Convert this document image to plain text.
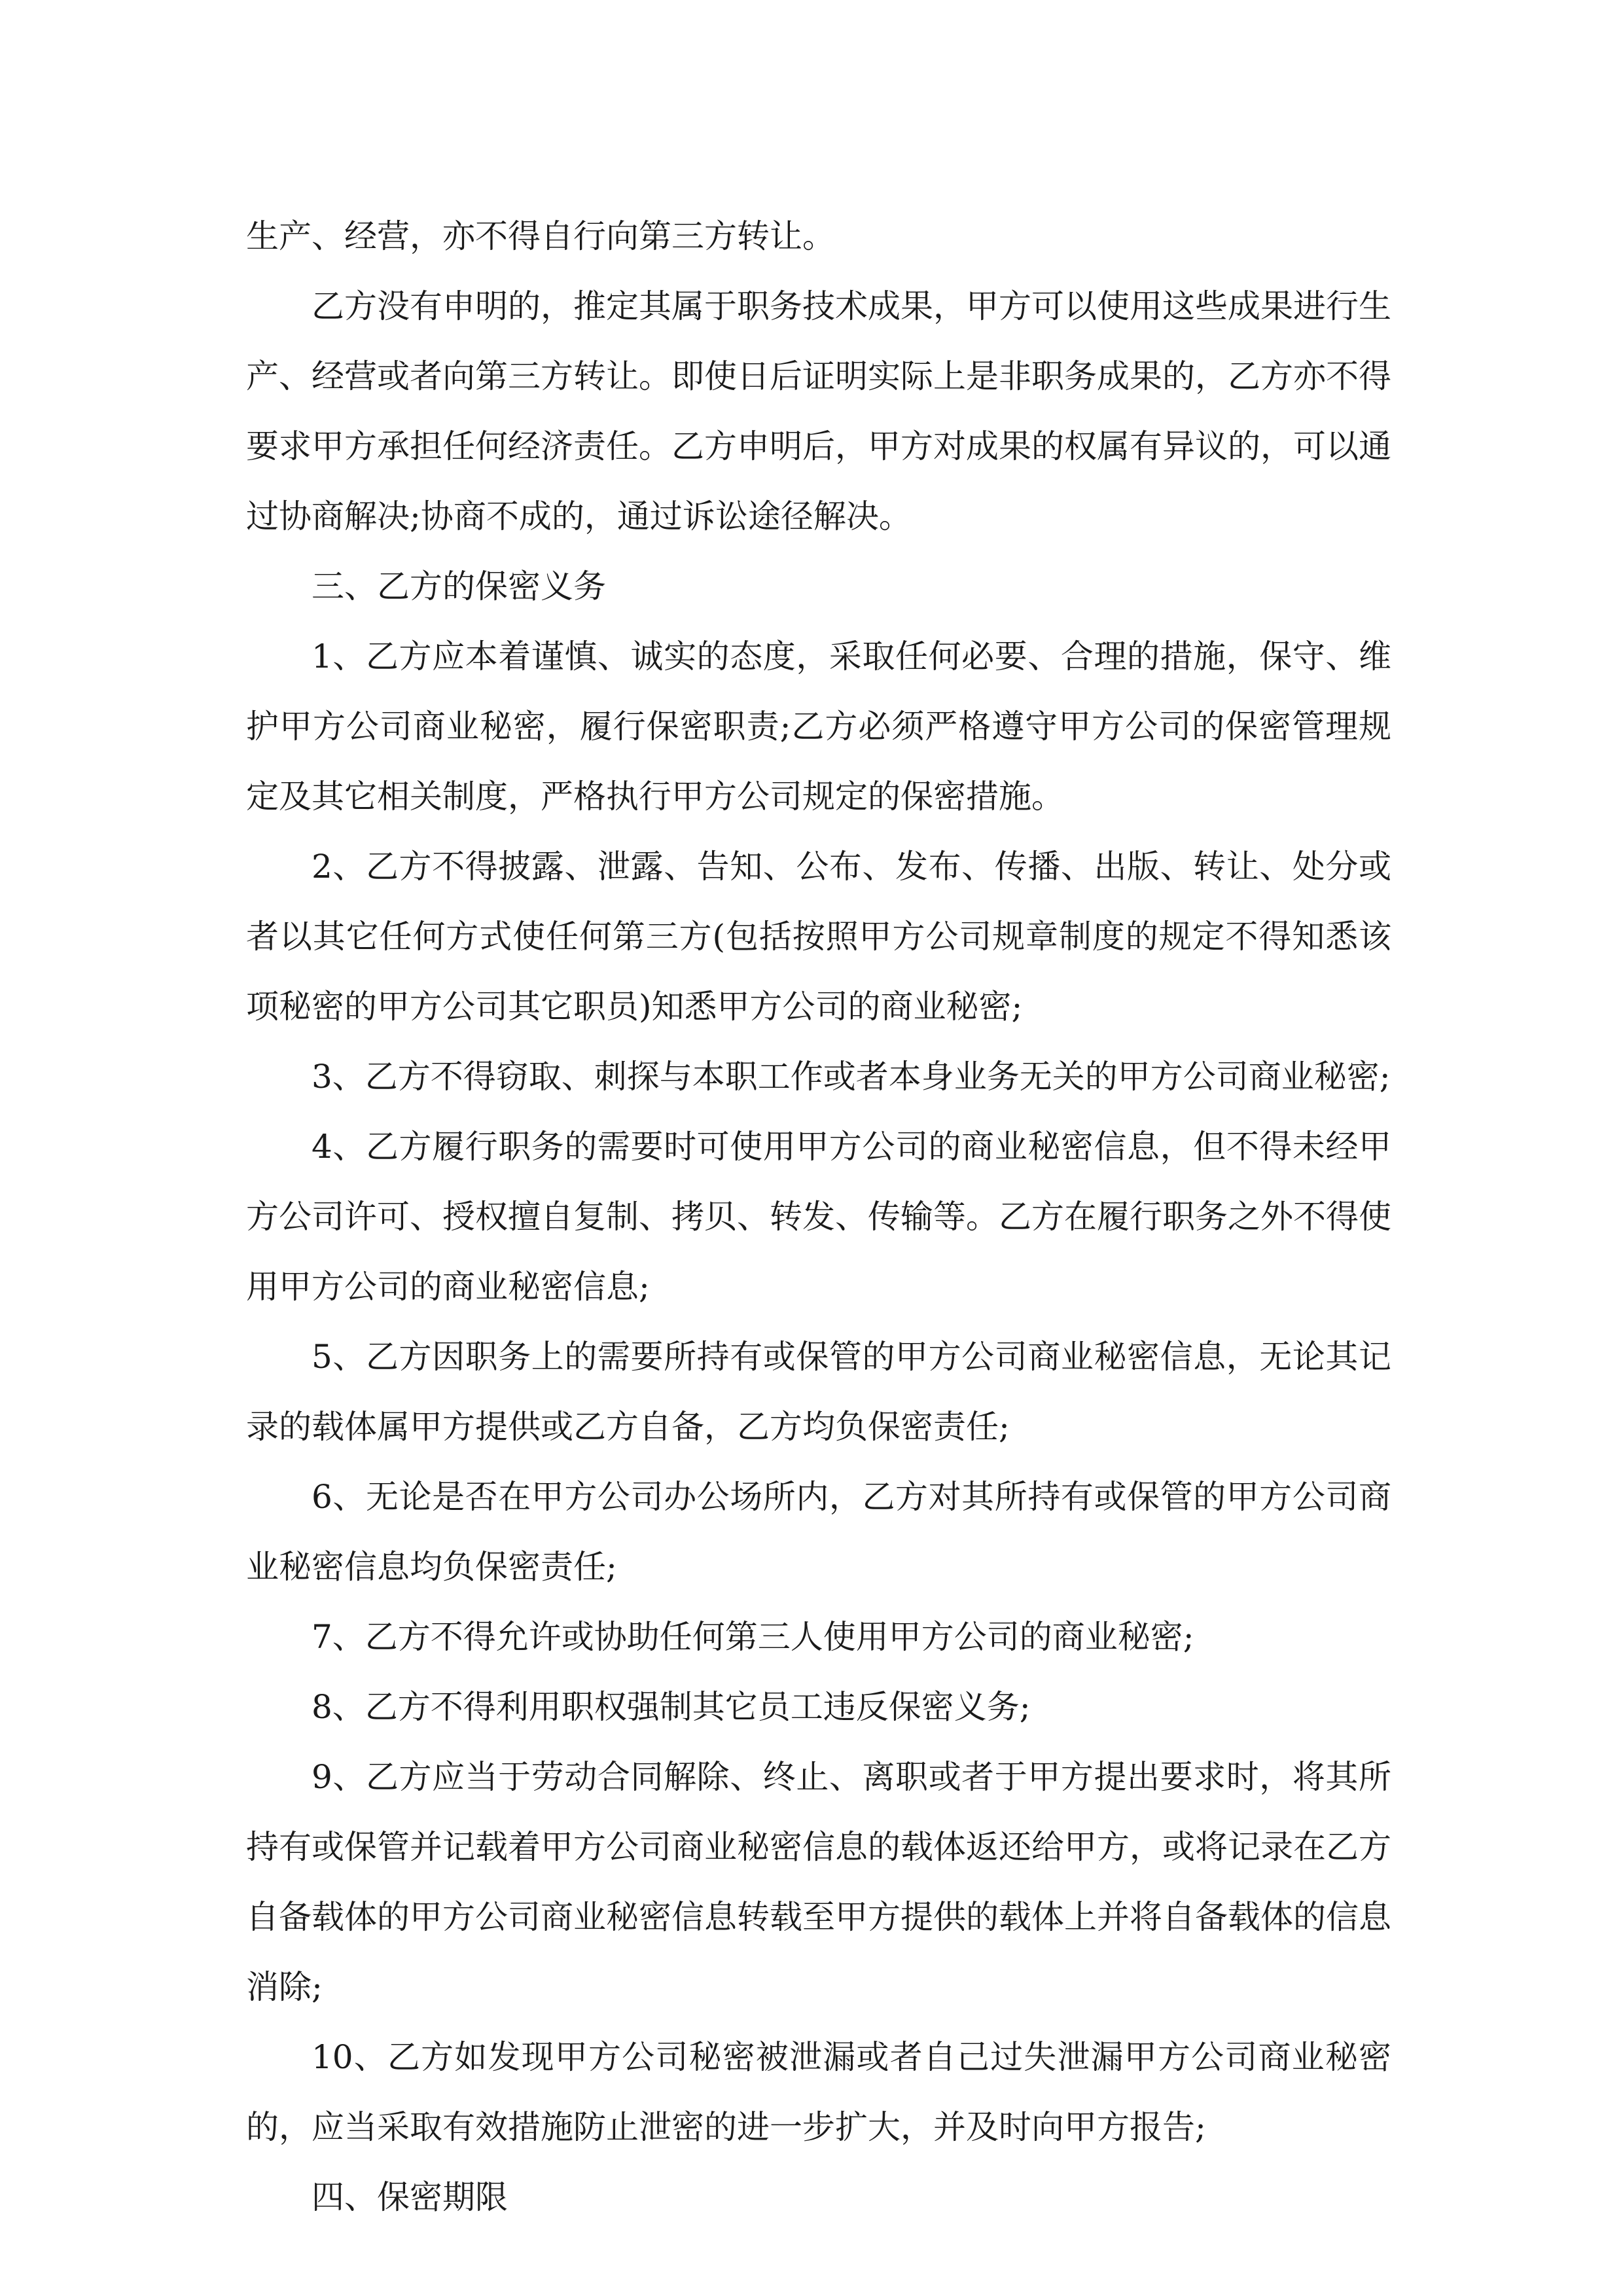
生产、经营，亦不得自行向第三方转让。

乙方没有申明的，推定其属于职务技术成果，甲方可以使用这些成果进行生产、经营或者向第三方转让。即使日后证明实际上是非职务成果的，乙方亦不得要求甲方承担任何经济责任。乙方申明后，甲方对成果的权属有异议的，可以通过协商解决;协商不成的，通过诉讼途径解决。

三、乙方的保密义务

1、乙方应本着谨慎、诚实的态度，采取任何必要、合理的措施，保守、维护甲方公司商业秘密，履行保密职责;乙方必须严格遵守甲方公司的保密管理规定及其它相关制度，严格执行甲方公司规定的保密措施。

2、乙方不得披露、泄露、告知、公布、发布、传播、出版、转让、处分或者以其它任何方式使任何第三方(包括按照甲方公司规章制度的规定不得知悉该项秘密的甲方公司其它职员)知悉甲方公司的商业秘密;

3、乙方不得窃取、刺探与本职工作或者本身业务无关的甲方公司商业秘密;

4、乙方履行职务的需要时可使用甲方公司的商业秘密信息，但不得未经甲方公司许可、授权擅自复制、拷贝、转发、传输等。乙方在履行职务之外不得使用甲方公司的商业秘密信息;

5、乙方因职务上的需要所持有或保管的甲方公司商业秘密信息，无论其记录的载体属甲方提供或乙方自备，乙方均负保密责任;

6、无论是否在甲方公司办公场所内，乙方对其所持有或保管的甲方公司商业秘密信息均负保密责任;

7、乙方不得允许或协助任何第三人使用甲方公司的商业秘密;

8、乙方不得利用职权强制其它员工违反保密义务;

9、乙方应当于劳动合同解除、终止、离职或者于甲方提出要求时，将其所持有或保管并记载着甲方公司商业秘密信息的载体返还给甲方，或将记录在乙方自备载体的甲方公司商业秘密信息转载至甲方提供的载体上并将自备载体的信息消除;

10、乙方如发现甲方公司秘密被泄漏或者自己过失泄漏甲方公司商业秘密的，应当采取有效措施防止泄密的进一步扩大，并及时向甲方报告;

四、保密期限
